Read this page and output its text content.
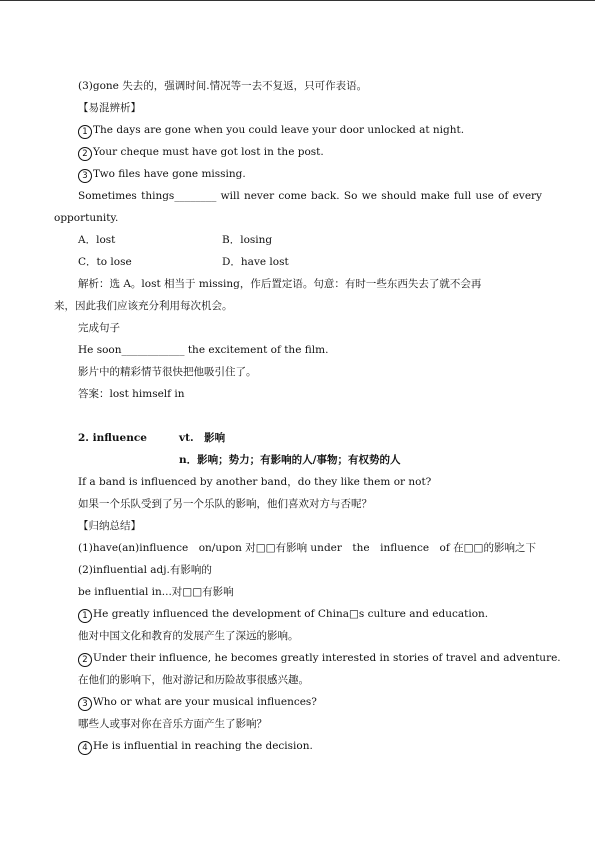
(3)gone 失去的，强调时间.情况等一去不复返，只可作表语。
【易混辨析】
1 The days are gone when you could leave your door unlocked at night.
2 Your cheque must have got lost in the post.
3 Two files have gone missing.
Sometimes things________ will never come back. So we should make full use of every
opportunity.
A．lost	B．losing
C．to lose	D．have lost
解析：选 A。lost 相当于 missing，作后置定语。句意：有时一些东西失去了就不会再
来，因此我们应该充分利用每次机会。
完成句子
He soon____________ the excitement of the film.
影片中的精彩情节很快把他吸引住了。
答案：lost himself in
2. influence	vt.　影响
n．影响；势力；有影响的人/事物；有权势的人
If a band is influenced by another band，do they like them or not?
如果一个乐队受到了另一个乐队的影响，他们喜欢对方与否呢？
【归纳总结】
(1)have(an)influence　on/upon 对□□有影响 under　the　influence　of 在□□的影响之下
(2)influential adj.有影响的
be influential in...对□□有影响
1 He greatly influenced the development of China□s culture and education.
他对中国文化和教育的发展产生了深远的影响。
2 Under their influence, he becomes greatly interested in stories of travel and adventure.
在他们的影响下，他对游记和历险故事很感兴趣。
3 Who or what are your musical influences?
哪些人或事对你在音乐方面产生了影响？
4 He is influential in reaching the decision.
